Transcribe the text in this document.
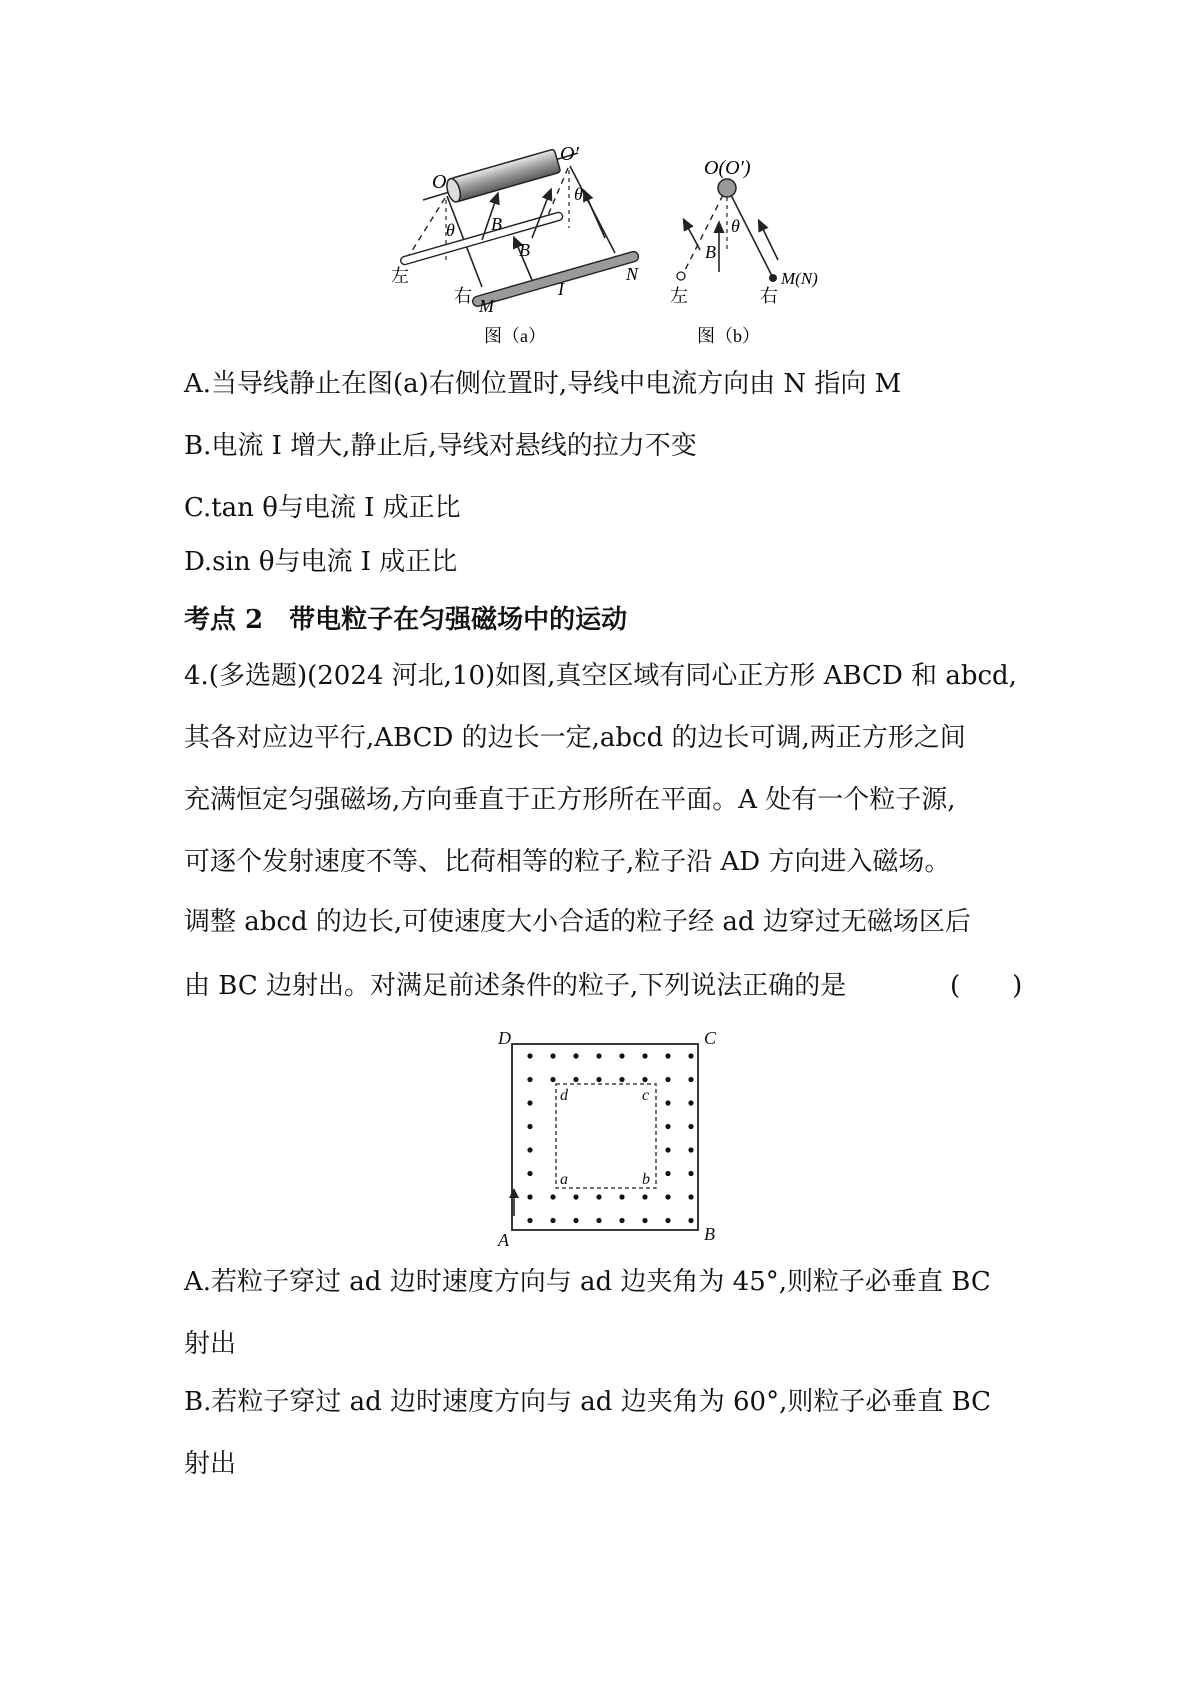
O
O′
θ
θ
B
B
左
右 M
N
I
图（a）
O(O′)
θ
B
左	右
M(N)
图（b）
A.当导线静止在图(a)右侧位置时,导线中电流方向由 N 指向 M
B.电流 I 增大,静止后,导线对悬线的拉力不变
C.tan θ与电流 I 成正比
D.sin θ与电流 I 成正比
考点 2　带电粒子在匀强磁场中的运动
4.(多选题)(2024 河北,10)如图,真空区域有同心正方形 ABCD 和 abcd,
其各对应边平行,ABCD 的边长一定,abcd 的边长可调,两正方形之间
充满恒定匀强磁场,方向垂直于正方形所在平面。A 处有一个粒子源,
可逐个发射速度不等、比荷相等的粒子,粒子沿 AD 方向进入磁场。
调整 abcd 的边长,可使速度大小合适的粒子经 ad 边穿过无磁场区后
由 BC 边射出。对满足前述条件的粒子,下列说法正确的是	(　　)
D	C
A	B
d	c
a	b
A.若粒子穿过 ad 边时速度方向与 ad 边夹角为 45°,则粒子必垂直 BC
射出
B.若粒子穿过 ad 边时速度方向与 ad 边夹角为 60°,则粒子必垂直 BC
射出
